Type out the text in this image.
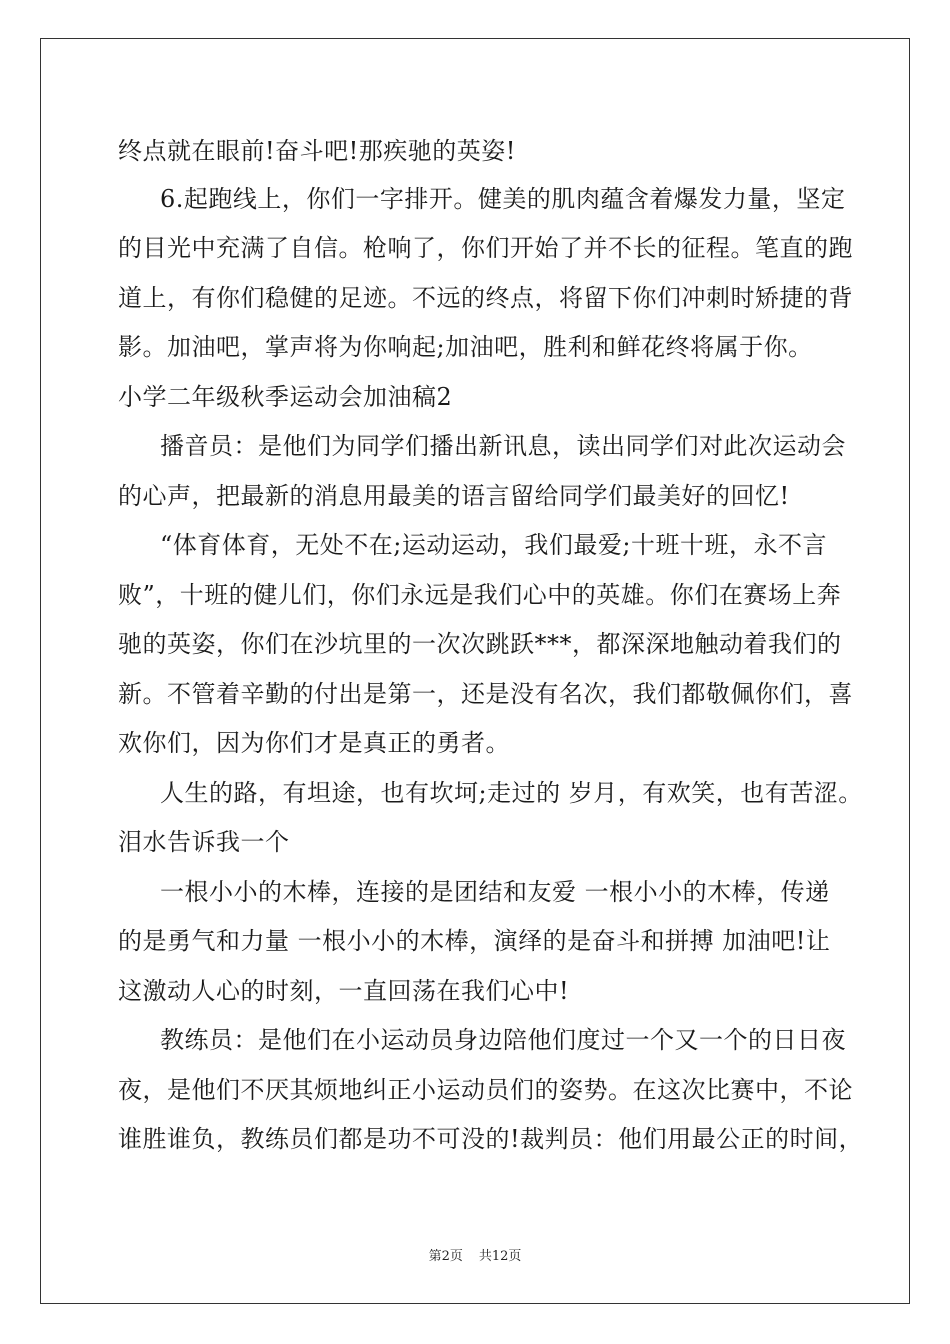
终点就在眼前!奋斗吧!那疾驰的英姿!
6.起跑线上，你们一字排开。健美的肌肉蕴含着爆发力量，坚定
的目光中充满了自信。枪响了，你们开始了并不长的征程。笔直的跑
道上，有你们稳健的足迹。不远的终点，将留下你们冲刺时矫捷的背
影。加油吧，掌声将为你响起;加油吧，胜利和鲜花终将属于你。
小学二年级秋季运动会加油稿2
播音员：是他们为同学们播出新讯息，读出同学们对此次运动会
的心声，把最新的消息用最美的语言留给同学们最美好的回忆!
“体育体育，无处不在;运动运动，我们最爱;十班十班，永不言
败”，十班的健儿们，你们永远是我们心中的英雄。你们在赛场上奔
驰的英姿，你们在沙坑里的一次次跳跃***，都深深地触动着我们的
新。不管着辛勤的付出是第一，还是没有名次，我们都敬佩你们，喜
欢你们，因为你们才是真正的勇者。
人生的路，有坦途，也有坎坷;走过的 岁月，有欢笑，也有苦涩。
泪水告诉我一个
一根小小的木棒，连接的是团结和友爱 一根小小的木棒，传递
的是勇气和力量 一根小小的木棒，演绎的是奋斗和拼搏 加油吧!让
这激动人心的时刻，一直回荡在我们心中!
教练员：是他们在小运动员身边陪他们度过一个又一个的日日夜
夜，是他们不厌其烦地纠正小运动员们的姿势。在这次比赛中，不论
谁胜谁负，教练员们都是功不可没的!裁判员：他们用最公正的时间，
第2页 共12页
